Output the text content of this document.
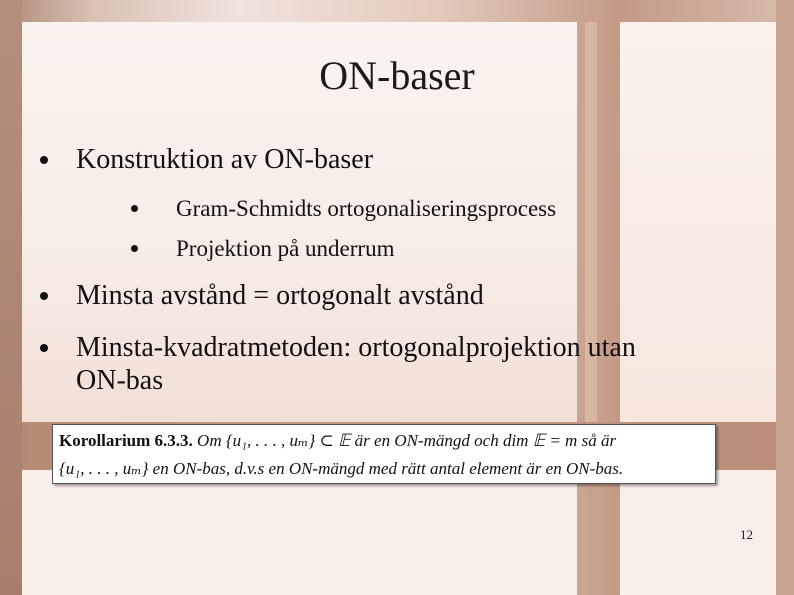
ON-baser
Konstruktion av ON-baser
Gram-Schmidts ortogonaliseringsprocess
Projektion på underrum
Minsta avstånd = ortogonalt avstånd
Minsta-kvadratmetoden: ortogonalprojektion utan
ON-bas
Korollarium 6.3.3. Om {u₁, . . . , uₘ} ⊂ 𝔼 är en ON-mängd och dim 𝔼 = m så är
{u₁, . . . , uₘ} en ON-bas, d.v.s en ON-mängd med rätt antal element är en ON-bas.
12
